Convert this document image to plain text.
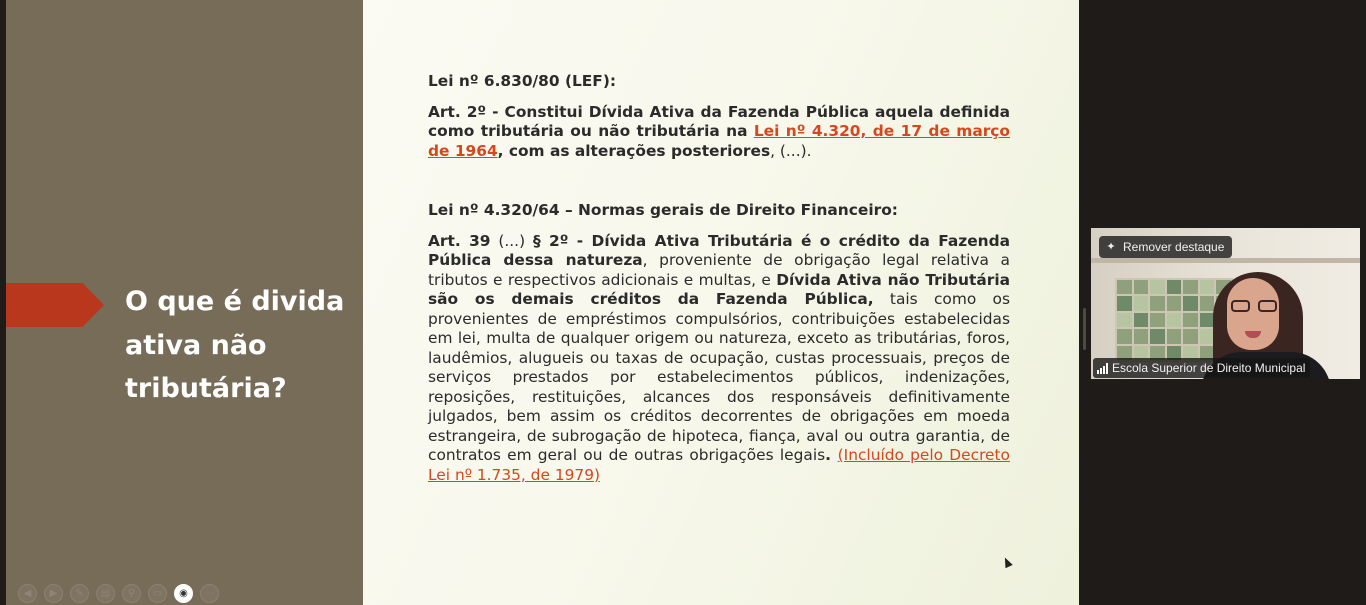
O que é divida ativa não tributária?
◀	▶	✎	▤	⚲	▭	◉	⋯

Lei nº 6.830/80 (LEF):

Art. 2º - Constitui Dívida Ativa da Fazenda Pública aquela definida como tributária ou não tributária na Lei nº 4.320, de 17 de março de 1964, com as alterações posteriores, (...).

Lei nº 4.320/64 – Normas gerais de Direito Financeiro:

Art. 39 (...) § 2º - Dívida Ativa Tributária é o crédito da Fazenda Pública dessa natureza, proveniente de obrigação legal relativa a tributos e respectivos adicionais e multas, e Dívida Ativa não Tributária são os demais créditos da Fazenda Pública, tais como os provenientes de empréstimos compulsórios, contribuições estabelecidas em lei, multa de qualquer origem ou natureza, exceto as tributárias, foros, laudêmios, alugueis ou taxas de ocupação, custas processuais, preços de serviços prestados por estabelecimentos públicos, indenizações, reposições, restituições, alcances dos responsáveis definitivamente julgados, bem assim os créditos decorrentes de obrigações em moeda estrangeira, de subrogação de hipoteca, fiança, aval ou outra garantia, de contratos em geral ou de outras obrigações legais. (Incluído pelo Decreto Lei nº 1.735, de 1979)

✦ Remover destaque
Escola Superior de Direito Municipal
